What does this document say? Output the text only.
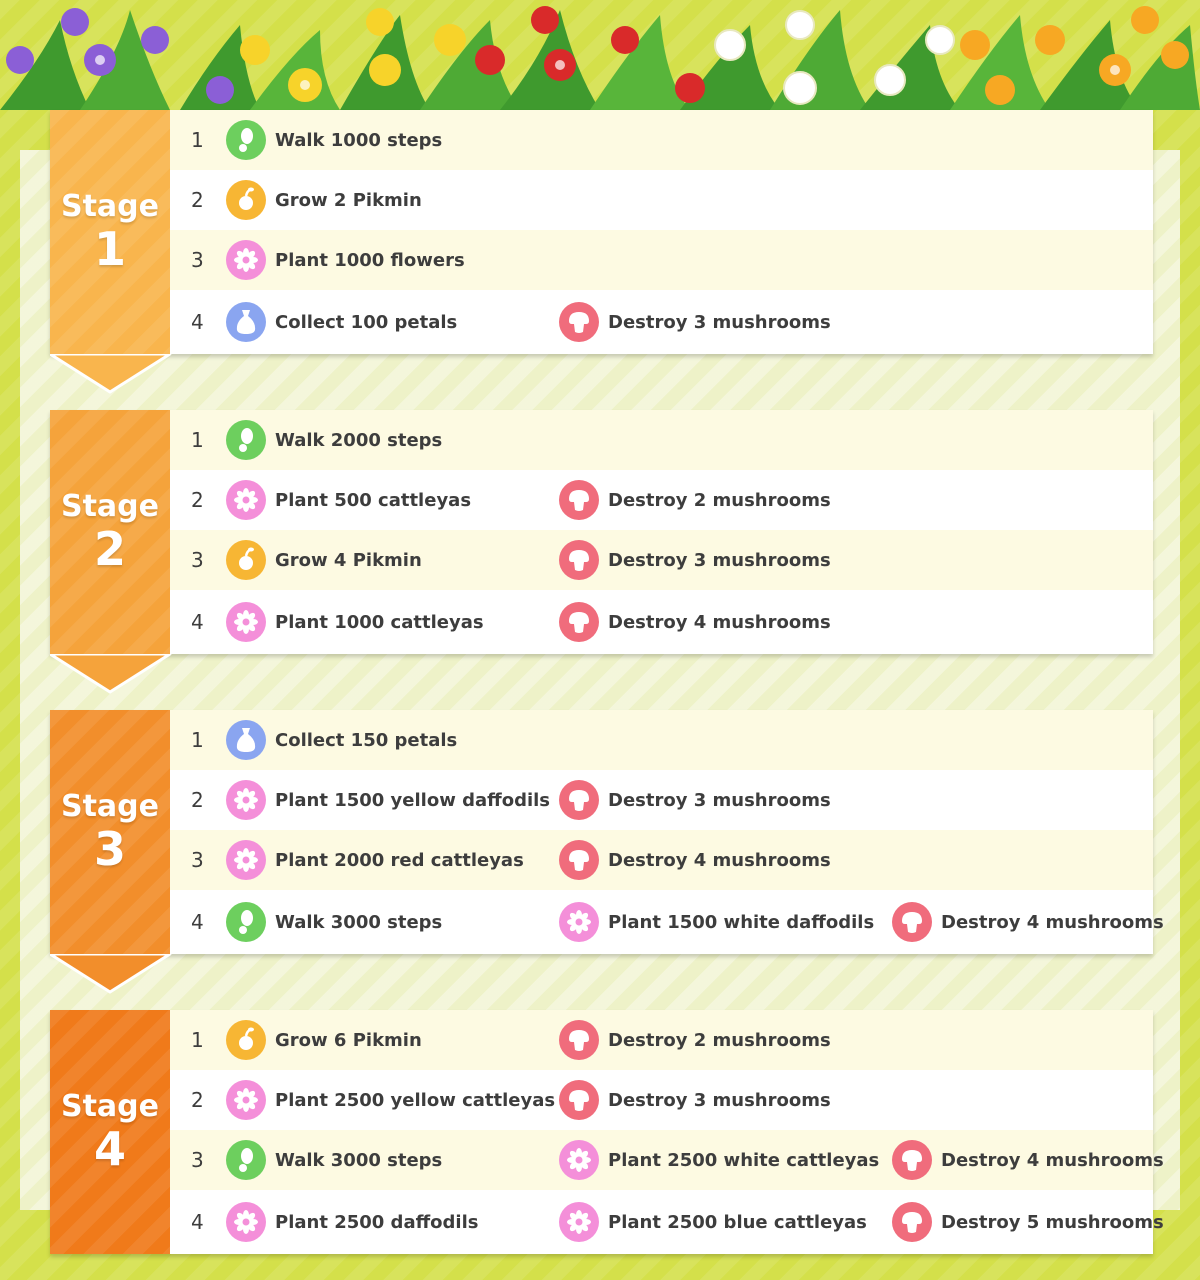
Stage
1
1	Walk 1000 steps
2	Grow 2 Pikmin
3	Plant 1000 flowers
4	Collect 100 petals	Destroy 3 mushrooms
Stage
2
1	Walk 2000 steps
2	Plant 500 cattleyas	Destroy 2 mushrooms
3	Grow 4 Pikmin	Destroy 3 mushrooms
4	Plant 1000 cattleyas	Destroy 4 mushrooms
Stage
3
1	Collect 150 petals
2	Plant 1500 yellow daffodils	Destroy 3 mushrooms
3	Plant 2000 red cattleyas	Destroy 4 mushrooms
4	Walk 3000 steps	Plant 1500 white daffodils	Destroy 4 mushrooms
Stage
4
1	Grow 6 Pikmin	Destroy 2 mushrooms
2	Plant 2500 yellow cattleyas	Destroy 3 mushrooms
3	Walk 3000 steps	Plant 2500 white cattleyas	Destroy 4 mushrooms
4	Plant 2500 daffodils	Plant 2500 blue cattleyas	Destroy 5 mushrooms
